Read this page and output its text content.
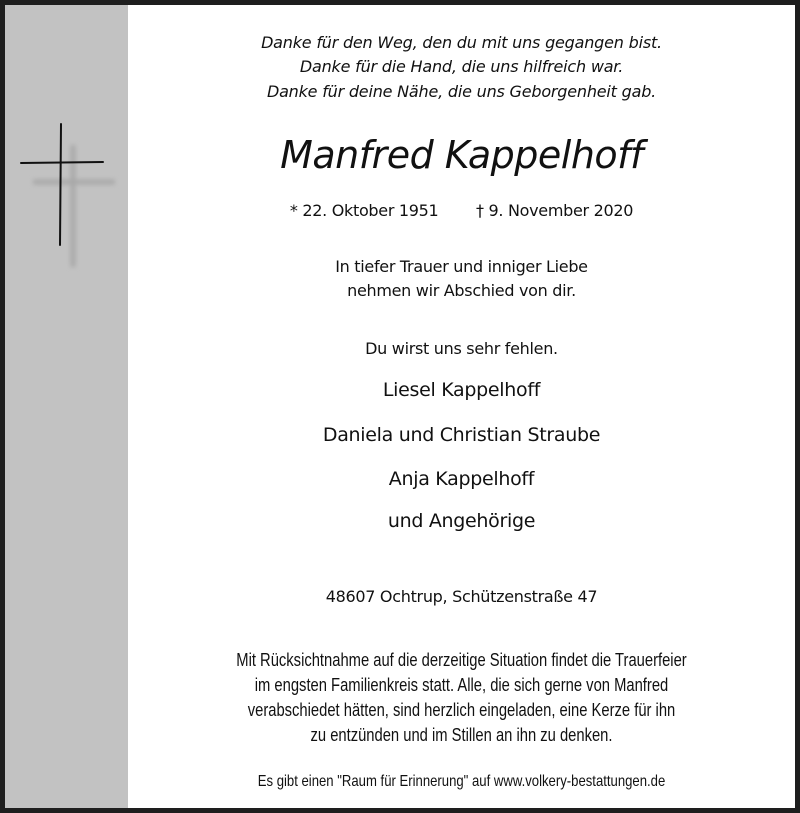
Danke für den Weg, den du mit uns gegangen bist.
Danke für die Hand, die uns hilfreich war.
Danke für deine Nähe, die uns Geborgenheit gab.
Manfred Kappelhoff
* 22. Oktober 1951 † 9. November 2020
In tiefer Trauer und inniger Liebe
nehmen wir Abschied von dir.
Du wirst uns sehr fehlen.
Liesel Kappelhoff
Daniela und Christian Straube
Anja Kappelhoff
und Angehörige
48607 Ochtrup, Schützenstraße 47
Mit Rücksichtnahme auf die derzeitige Situation findet die Trauerfeier
im engsten Familienkreis statt. Alle, die sich gerne von Manfred
verabschiedet hätten, sind herzlich eingeladen, eine Kerze für ihn
zu entzünden und im Stillen an ihn zu denken.
Es gibt einen "Raum für Erinnerung" auf www.volkery-bestattungen.de
